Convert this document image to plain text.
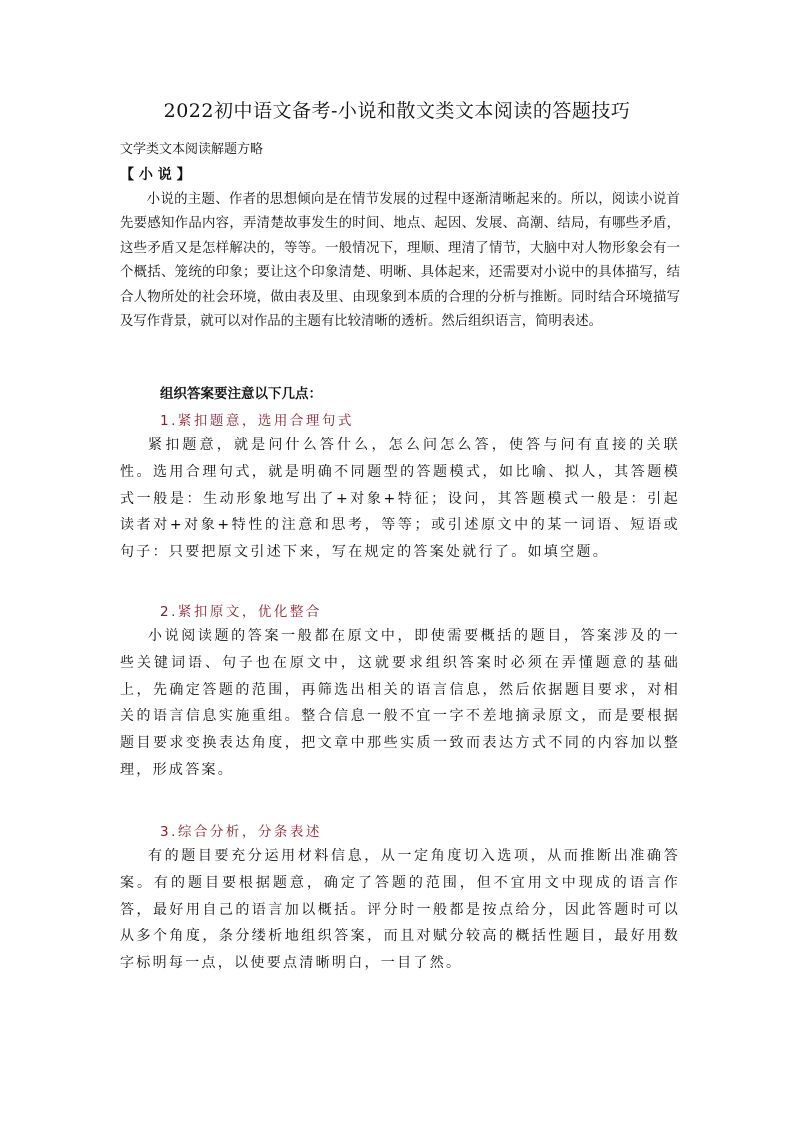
2022初中语文备考-小说和散文类文本阅读的答题技巧
文学类文本阅读解题方略
【 小 说 】

小说的主题、作者的思想倾向是在情节发展的过程中逐渐清晰起来的。所以，阅读小说首先要感知作品内容，弄清楚故事发生的时间、地点、起因、发展、高潮、结局，有哪些矛盾，这些矛盾又是怎样解决的，等等。一般情况下，理顺、理清了情节，大脑中对人物形象会有一个概括、笼统的印象；要让这个印象清楚、明晰、具体起来，还需要对小说中的具体描写，结合人物所处的社会环境，做由表及里、由现象到本质的合理的分析与推断。同时结合环境描写及写作背景，就可以对作品的主题有比较清晰的透析。然后组织语言，简明表述。

组织答案要注意以下几点：
1.紧扣题意，选用合理句式

紧扣题意，就是问什么答什么，怎么问怎么答，使答与问有直接的关联性。选用合理句式，就是明确不同题型的答题模式，如比喻、拟人，其答题模式一般是：生动形象地写出了+对象+特征；设问，其答题模式一般是：引起读者对+对象+特性的注意和思考，等等；或引述原文中的某一词语、短语或句子：只要把原文引述下来，写在规定的答案处就行了。如填空题。

2.紧扣原文，优化整合

小说阅读题的答案一般都在原文中，即使需要概括的题目，答案涉及的一些关键词语、句子也在原文中，这就要求组织答案时必须在弄懂题意的基础上，先确定答题的范围，再筛选出相关的语言信息，然后依据题目要求，对相关的语言信息实施重组。整合信息一般不宜一字不差地摘录原文，而是要根据题目要求变换表达角度，把文章中那些实质一致而表达方式不同的内容加以整理，形成答案。

3.综合分析，分条表述

有的题目要充分运用材料信息，从一定角度切入选项，从而推断出准确答案。有的题目要根据题意，确定了答题的范围，但不宜用文中现成的语言作答，最好用自己的语言加以概括。评分时一般都是按点给分，因此答题时可以从多个角度，条分缕析地组织答案，而且对赋分较高的概括性题目，最好用数字标明每一点，以使要点清晰明白，一目了然。
